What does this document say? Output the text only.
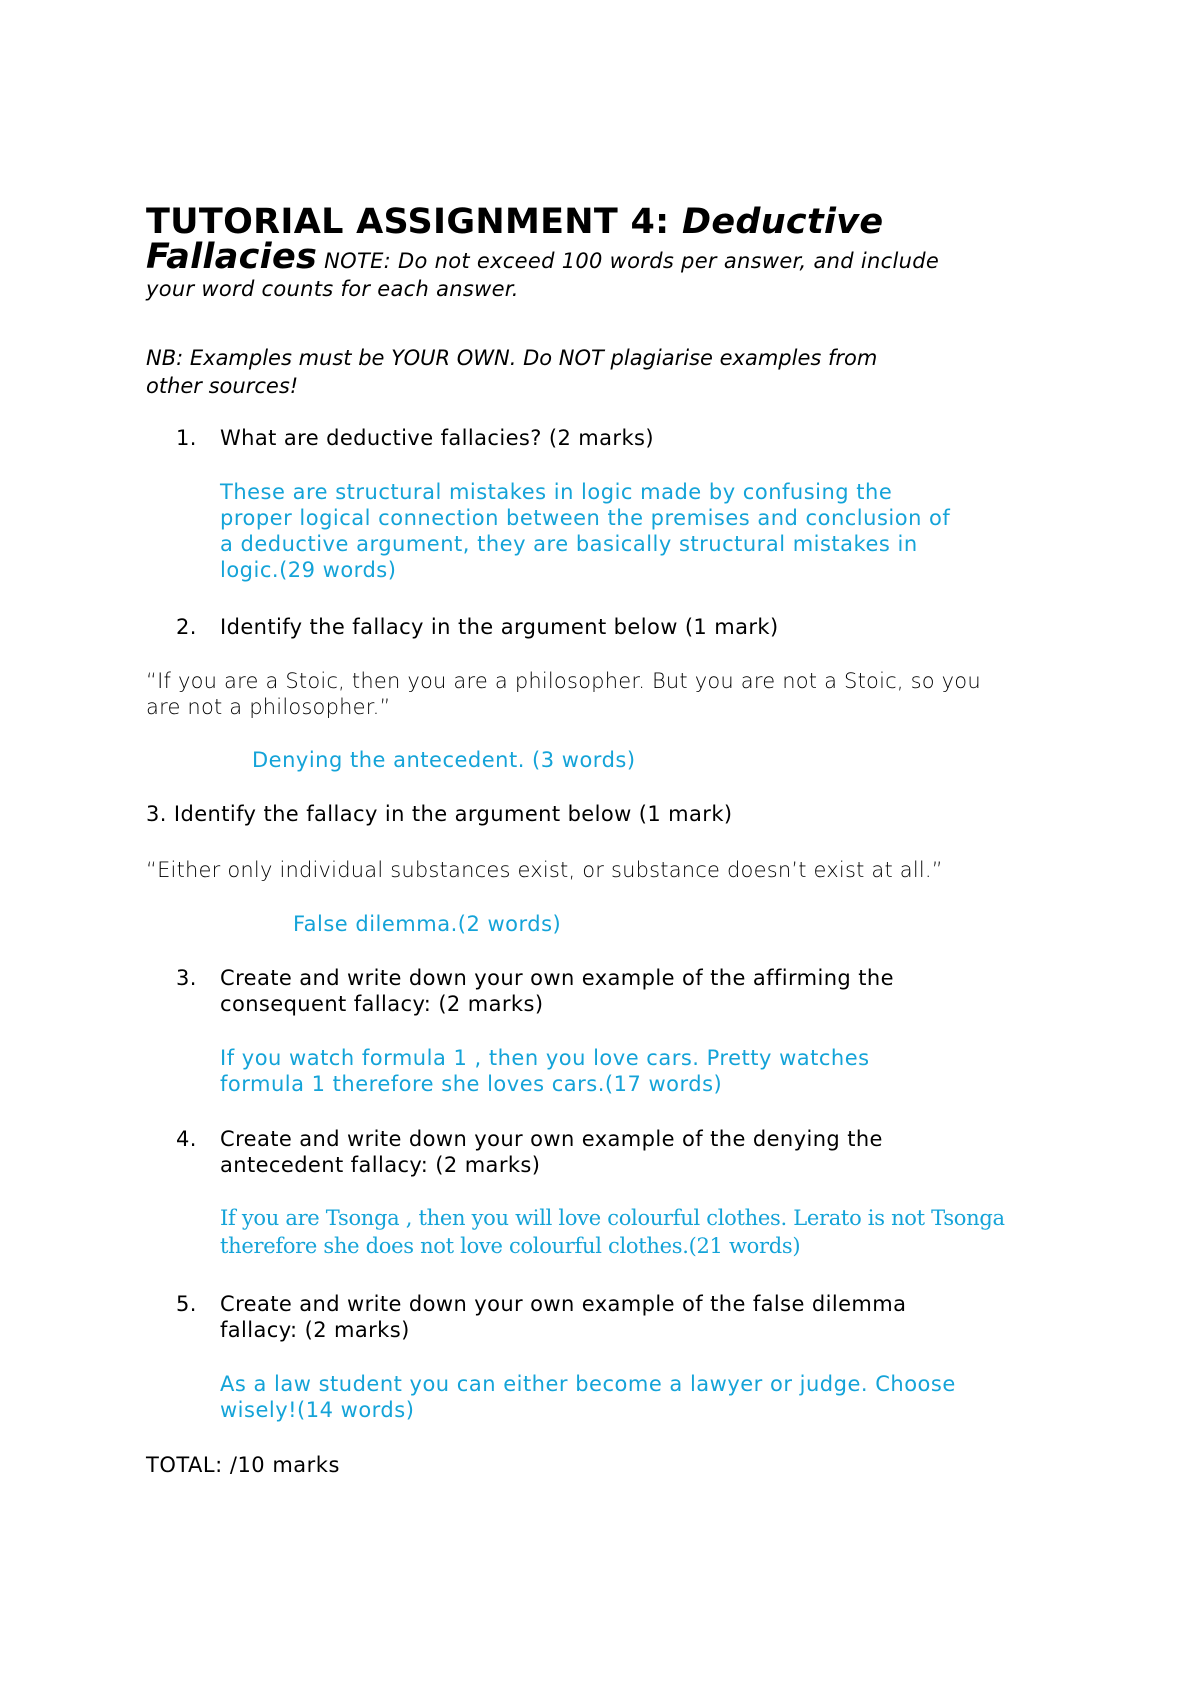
TUTORIAL ASSIGNMENT 4: Deductive
Fallacies NOTE: Do not exceed 100 words per answer, and include
your word counts for each answer.
NB: Examples must be YOUR OWN. Do NOT plagiarise examples from
other sources!
1.	What are deductive fallacies? (2 marks)
These are structural mistakes in logic made by confusing the
proper logical connection between the premises and conclusion of
a deductive argument, they are basically structural mistakes in
logic.(29 words)
2.	Identify the fallacy in the argument below (1 mark)
“If you are a Stoic, then you are a philosopher. But you are not a Stoic, so you
are not a philosopher.”
Denying the antecedent. (3 words)
3. Identify the fallacy in the argument below (1 mark)
“Either only individual substances exist, or substance doesn’t exist at all.”
False dilemma.(2 words)
3.	Create and write down your own example of the affirming the
consequent fallacy: (2 marks)
If you watch formula 1 , then you love cars. Pretty watches
formula 1 therefore she loves cars.(17 words)
4.	Create and write down your own example of the denying the
antecedent fallacy: (2 marks)
If you are Tsonga , then you will love colourful clothes. Lerato is not Tsonga
therefore she does not love colourful clothes.(21 words)
5.	Create and write down your own example of the false dilemma
fallacy: (2 marks)
As a law student you can either become a lawyer or judge. Choose
wisely!(14 words)
TOTAL: /10 marks
